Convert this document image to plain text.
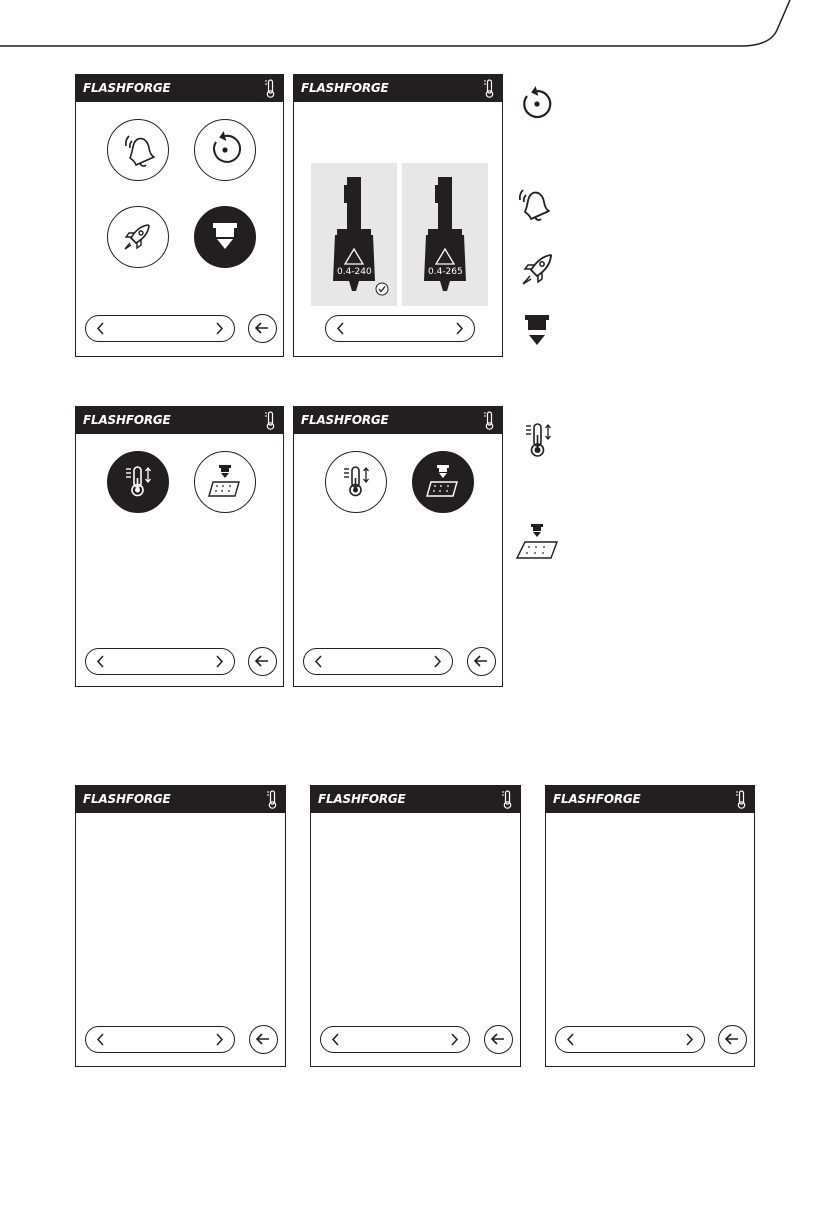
FLASHFORGE	FLASHFORGE
0.4-240	0.4-265
FLASHFORGE	FLASHFORGE
FLASHFORGE	FLASHFORGE	FLASHFORGE
